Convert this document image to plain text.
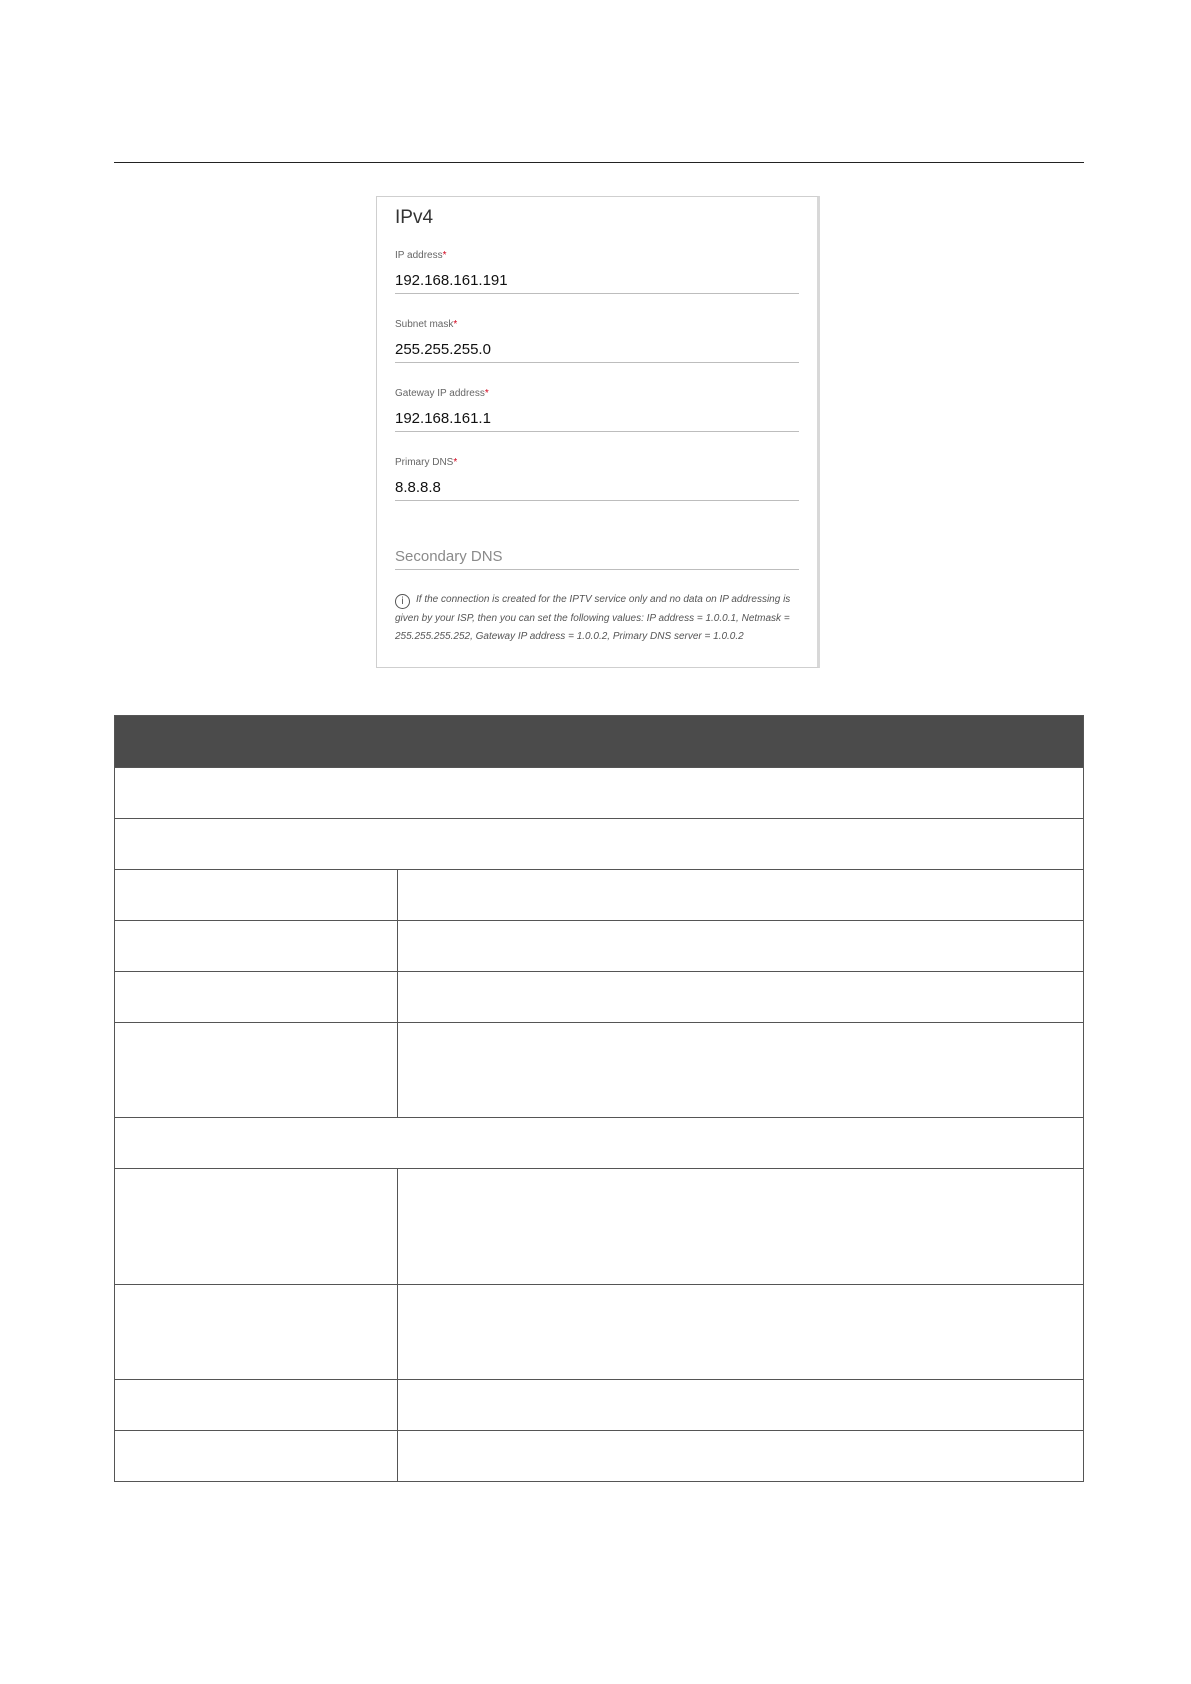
IPv4
IP address*
192.168.161.191
Subnet mask*
255.255.255.0
Gateway IP address*
192.168.161.1
Primary DNS*
8.8.8.8
Secondary DNS
i If the connection is created for the IPTV service only and no data on IP addressing is given by your ISP, then you can set the following values: IP address = 1.0.0.1, Netmask = 255.255.255.252, Gateway IP address = 1.0.0.2, Primary DNS server = 1.0.0.2
